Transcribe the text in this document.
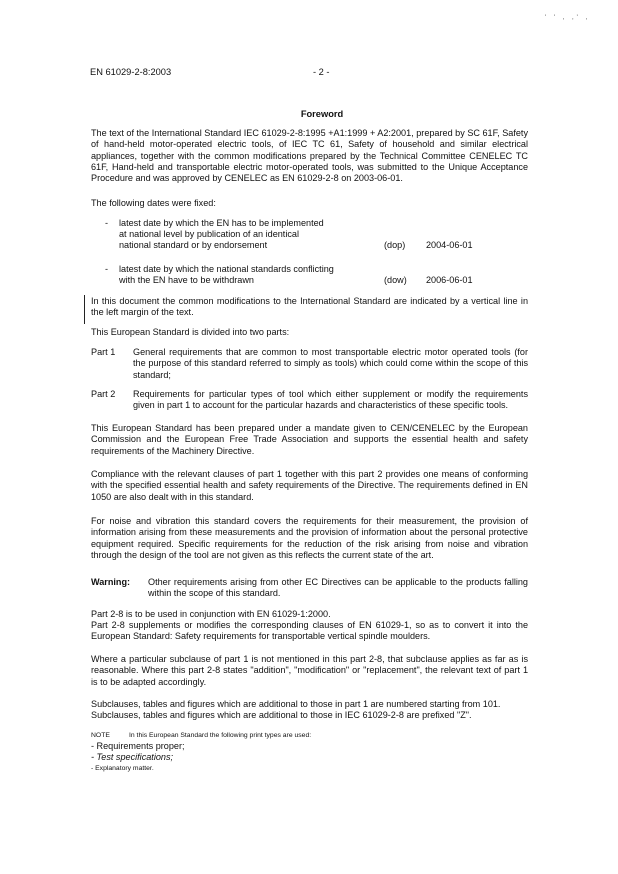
' ' , ,' ,
EN 61029-2-8:2003	- 2 -
Foreword
The text of the International Standard IEC 61029-2-8:1995 +A1:1999 + A2:2001, prepared by SC 61F, Safety of hand-held motor-operated electric tools, of IEC TC 61, Safety of household and similar electrical appliances, together with the common modifications prepared by the Technical Committee CENELEC TC 61F, Hand-held and transportable electric motor-operated tools, was submitted to the Unique Acceptance Procedure and was approved by CENELEC as EN 61029-2-8 on 2003-06-01.
The following dates were fixed:
- latest date by which the EN has to be implemented
at national level by publication of an identical
national standard or by endorsement	(dop) 2004-06-01
- latest date by which the national standards conflicting
with the EN have to be withdrawn	(dow) 2006-06-01
In this document the common modifications to the International Standard are indicated by a vertical line in the left margin of the text.
This European Standard is divided into two parts:
Part 1 General requirements that are common to most transportable electric motor operated tools (for the purpose of this standard referred to simply as tools) which could come within the scope of this standard;
Part 2 Requirements for particular types of tool which either supplement or modify the requirements given in part 1 to account for the particular hazards and characteristics of these specific tools.
This European Standard has been prepared under a mandate given to CEN/CENELEC by the European Commission and the European Free Trade Association and supports the essential health and safety requirements of the Machinery Directive.
Compliance with the relevant clauses of part 1 together with this part 2 provides one means of conforming with the specified essential health and safety requirements of the Directive. The requirements defined in EN 1050 are also dealt with in this standard.
For noise and vibration this standard covers the requirements for their measurement, the provision of information arising from these measurements and the provision of information about the personal protective equipment required. Specific requirements for the reduction of the risk arising from noise and vibration through the design of the tool are not given as this reflects the current state of the art.
Warning: Other requirements arising from other EC Directives can be applicable to the products falling within the scope of this standard.
Part 2-8 is to be used in conjunction with EN 61029-1:2000.
Part 2-8 supplements or modifies the corresponding clauses of EN 61029-1, so as to convert it into the European Standard: Safety requirements for transportable vertical spindle moulders.
Where a particular subclause of part 1 is not mentioned in this part 2-8, that subclause applies as far as is reasonable. Where this part 2-8 states "addition", "modification" or "replacement", the relevant text of part 1 is to be adapted accordingly.
Subclauses, tables and figures which are additional to those in part 1 are numbered starting from 101.
Subclauses, tables and figures which are additional to those in IEC 61029-2-8 are prefixed "Z".
NOTE	In this European Standard the following print types are used:
- Requirements proper;
- Test specifications;
- Explanatory matter.
